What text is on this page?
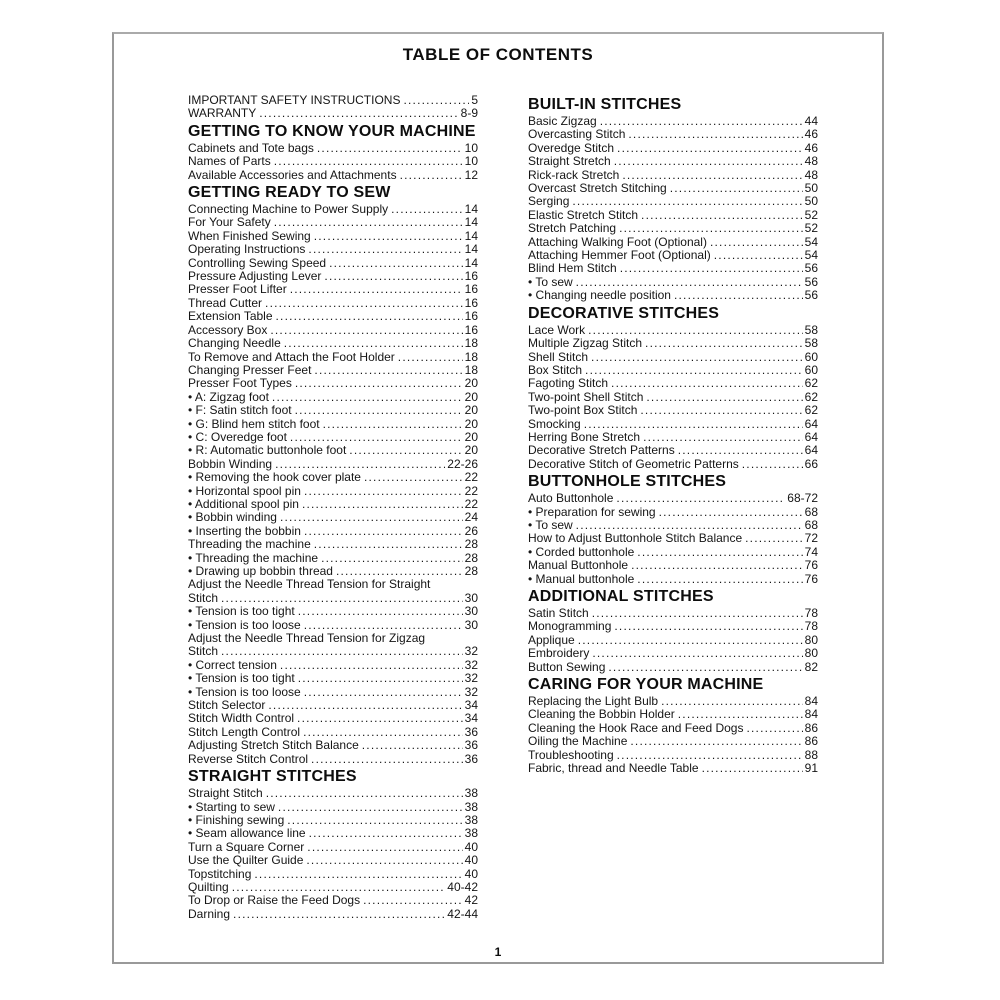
TABLE OF CONTENTS
IMPORTANT SAFETY INSTRUCTIONS .....	5
WARRANTY .....	8-9
GETTING TO KNOW YOUR MACHINE
Cabinets and Tote bags .....	10
Names of Parts .....	10
Available Accessories and Attachments .....	12
GETTING READY TO SEW
Connecting Machine to Power Supply .....	14
For Your Safety .....	14
When Finished Sewing .....	14
Operating Instructions .....	14
Controlling Sewing Speed .....	14
Pressure Adjusting Lever .....	16
Presser Foot Lifter .....	16
Thread Cutter .....	16
Extension Table .....	16
Accessory Box .....	16
Changing Needle .....	18
To Remove and Attach the Foot Holder .....	18
Changing Presser Feet .....	18
Presser Foot Types .....	20
• A: Zigzag foot .....	20
• F: Satin stitch foot .....	20
• G: Blind hem stitch foot .....	20
• C: Overedge foot .....	20
• R: Automatic buttonhole foot .....	20
Bobbin Winding .....	22-26
• Removing the hook cover plate .....	22
• Horizontal spool pin .....	22
• Additional spool pin .....	22
• Bobbin winding .....	24
• Inserting the bobbin .....	26
Threading the machine .....	28
• Threading the machine .....	28
• Drawing up bobbin thread .....	28
Adjust the Needle Thread Tension for Straight
Stitch .....	30
• Tension is too tight .....	30
• Tension is too loose .....	30
Adjust the Needle Thread Tension for Zigzag
Stitch .....	32
• Correct tension .....	32
• Tension is too tight .....	32
• Tension is too loose .....	32
Stitch Selector .....	34
Stitch Width Control .....	34
Stitch Length Control .....	36
Adjusting Stretch Stitch Balance .....	36
Reverse Stitch Control .....	36
STRAIGHT STITCHES
Straight Stitch .....	38
• Starting to sew .....	38
• Finishing sewing .....	38
• Seam allowance line .....	38
Turn a Square Corner .....	40
Use the Quilter Guide .....	40
Topstitching .....	40
Quilting .....	40-42
To Drop or Raise the Feed Dogs .....	42
Darning .....	42-44
BUILT-IN STITCHES
Basic Zigzag .....	44
Overcasting Stitch .....	46
Overedge Stitch .....	46
Straight Stretch .....	48
Rick-rack Stretch .....	48
Overcast Stretch Stitching .....	50
Serging .....	50
Elastic Stretch Stitch .....	52
Stretch Patching .....	52
Attaching Walking Foot (Optional) .....	54
Attaching Hemmer Foot (Optional) .....	54
Blind Hem Stitch .....	56
• To sew .....	56
• Changing needle position .....	56
DECORATIVE STITCHES
Lace Work .....	58
Multiple Zigzag Stitch .....	58
Shell Stitch .....	60
Box Stitch .....	60
Fagoting Stitch .....	62
Two-point Shell Stitch .....	62
Two-point Box Stitch .....	62
Smocking .....	64
Herring Bone Stretch .....	64
Decorative Stretch Patterns .....	64
Decorative Stitch of Geometric Patterns .....	66
BUTTONHOLE STITCHES
Auto Buttonhole .....	68-72
• Preparation for sewing .....	68
• To sew .....	68
How to Adjust Buttonhole Stitch Balance .....	72
• Corded buttonhole .....	74
Manual Buttonhole .....	76
• Manual buttonhole .....	76
ADDITIONAL STITCHES
Satin Stitch .....	78
Monogramming .....	78
Applique .....	80
Embroidery .....	80
Button Sewing .....	82
CARING FOR YOUR MACHINE
Replacing the Light Bulb .....	84
Cleaning the Bobbin Holder .....	84
Cleaning the Hook Race and Feed Dogs .....	86
Oiling the Machine .....	86
Troubleshooting .....	88
Fabric, thread and Needle Table .....	91
1
